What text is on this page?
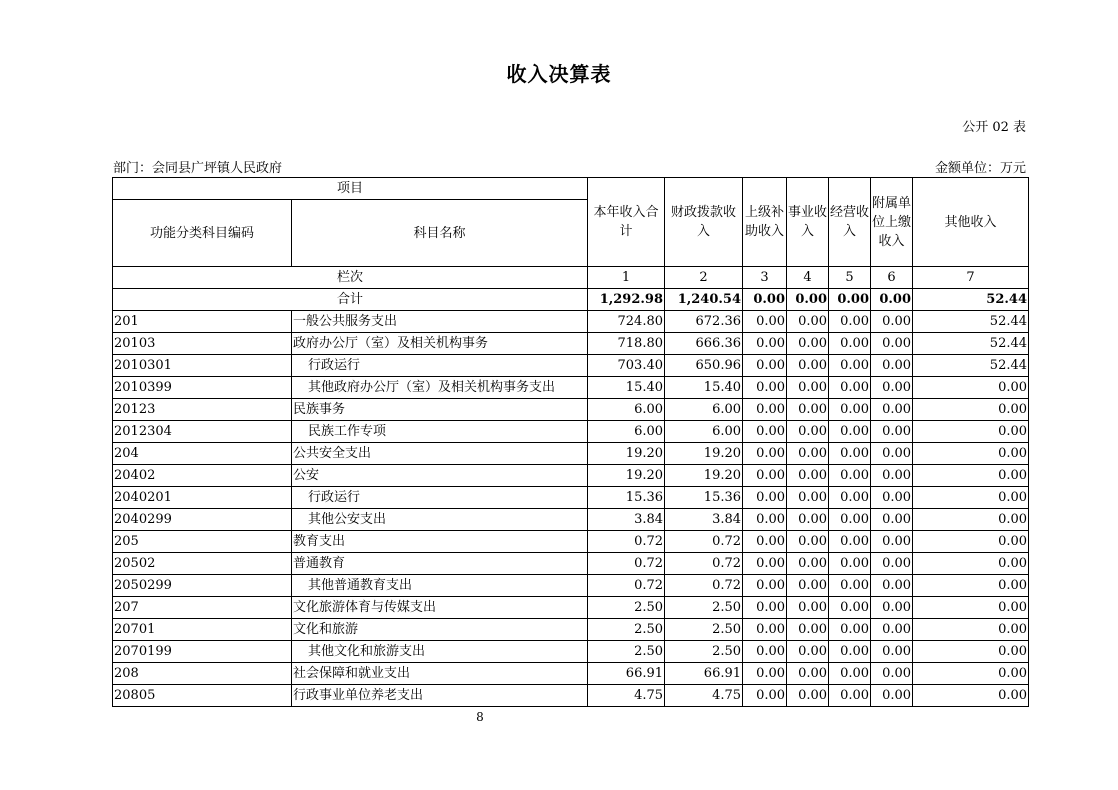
收入决算表
公开 02 表
部门：会同县广坪镇人民政府	金额单位：万元
项目		本年收入合计	财政拨款收入	上级补助收入	事业收入	经营收入	附属单位上缴收入	其他收入
功能分类科目编码	科目名称							
栏次		1	2	3	4	5	6	7
合计		1,292.98	1,240.54	0.00	0.00	0.00	0.00	52.44
201	一般公共服务支出	724.80	672.36	0.00	0.00	0.00	0.00	52.44
20103	政府办公厅（室）及相关机构事务	718.80	666.36	0.00	0.00	0.00	0.00	52.44
2010301	行政运行	703.40	650.96	0.00	0.00	0.00	0.00	52.44
2010399	其他政府办公厅（室）及相关机构事务支出	15.40	15.40	0.00	0.00	0.00	0.00	0.00
20123	民族事务	6.00	6.00	0.00	0.00	0.00	0.00	0.00
2012304	民族工作专项	6.00	6.00	0.00	0.00	0.00	0.00	0.00
204	公共安全支出	19.20	19.20	0.00	0.00	0.00	0.00	0.00
20402	公安	19.20	19.20	0.00	0.00	0.00	0.00	0.00
2040201	行政运行	15.36	15.36	0.00	0.00	0.00	0.00	0.00
2040299	其他公安支出	3.84	3.84	0.00	0.00	0.00	0.00	0.00
205	教育支出	0.72	0.72	0.00	0.00	0.00	0.00	0.00
20502	普通教育	0.72	0.72	0.00	0.00	0.00	0.00	0.00
2050299	其他普通教育支出	0.72	0.72	0.00	0.00	0.00	0.00	0.00
207	文化旅游体育与传媒支出	2.50	2.50	0.00	0.00	0.00	0.00	0.00
20701	文化和旅游	2.50	2.50	0.00	0.00	0.00	0.00	0.00
2070199	其他文化和旅游支出	2.50	2.50	0.00	0.00	0.00	0.00	0.00
208	社会保障和就业支出	66.91	66.91	0.00	0.00	0.00	0.00	0.00
20805	行政事业单位养老支出	4.75	4.75	0.00	0.00	0.00	0.00	0.00
8
